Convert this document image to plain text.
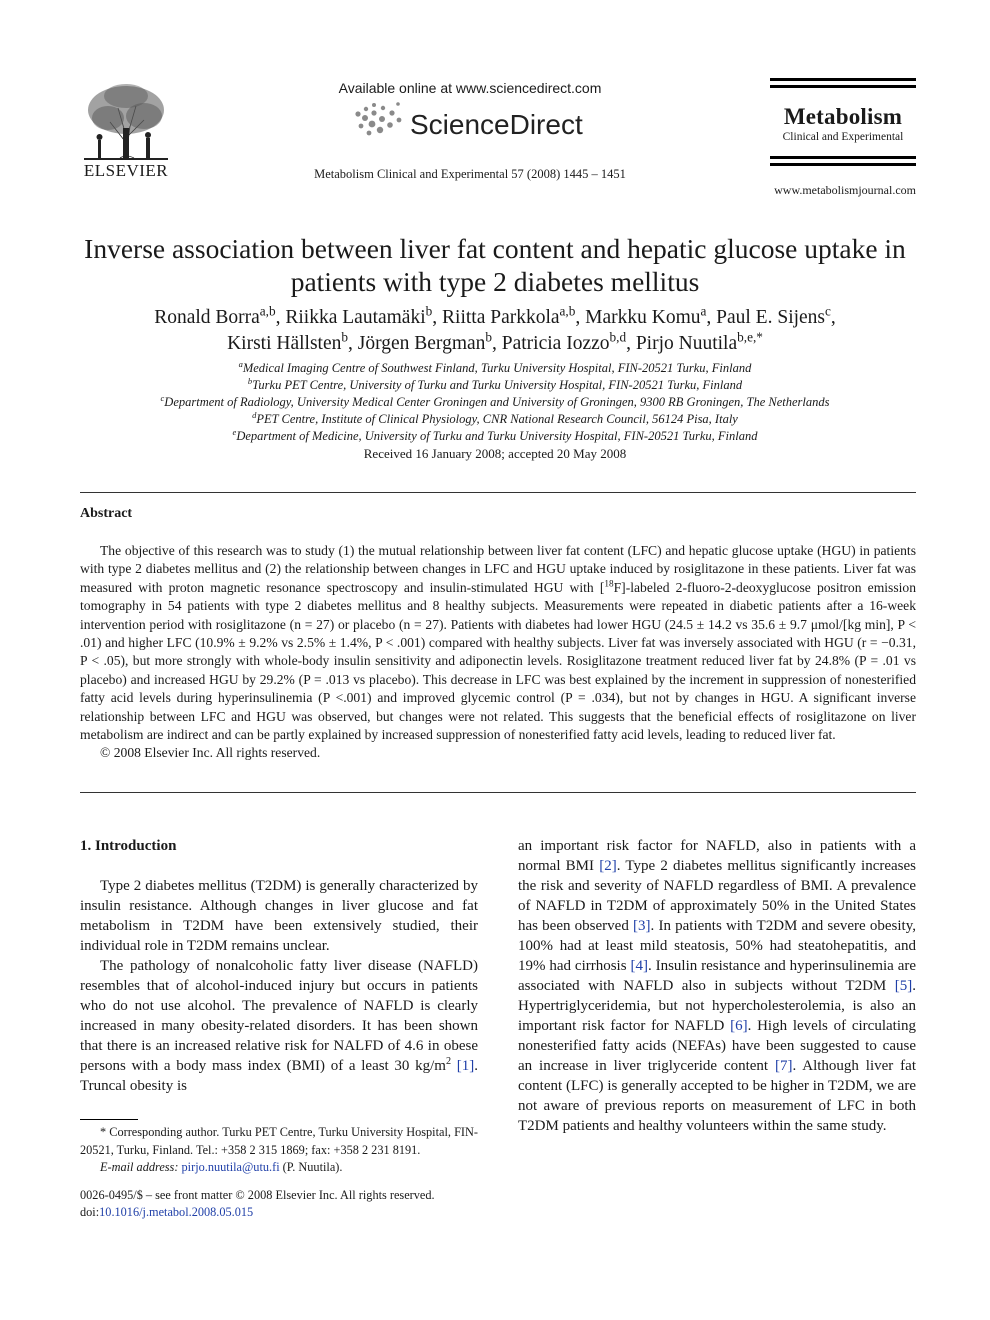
ELSEVIER
Available online at www.sciencedirect.com
ScienceDirect
Metabolism Clinical and Experimental 57 (2008) 1445 – 1451
Metabolism
Clinical and Experimental
www.metabolismjournal.com
Inverse association between liver fat content and hepatic glucose uptake in
patients with type 2 diabetes mellitus
Ronald Borra$^{a,b}$, Riikka Lautamäki$^b$, Riitta Parkkola$^{a,b}$, Markku Komu$^a$, Paul E. Sijens$^c$,
Kirsti Hällsten$^b$, Jörgen Bergman$^b$, Patricia Iozzo$^{b,d}$, Pirjo Nuutila$^{b,e,*}$
$^a$Medical Imaging Centre of Southwest Finland, Turku University Hospital, FIN-20521 Turku, Finland
$^b$Turku PET Centre, University of Turku and Turku University Hospital, FIN-20521 Turku, Finland
$^c$Department of Radiology, University Medical Center Groningen and University of Groningen, 9300 RB Groningen, The Netherlands
$^d$PET Centre, Institute of Clinical Physiology, CNR National Research Council, 56124 Pisa, Italy
$^e$Department of Medicine, University of Turku and Turku University Hospital, FIN-20521 Turku, Finland
Received 16 January 2008; accepted 20 May 2008
Abstract

The objective of this research was to study (1) the mutual relationship between liver fat content (LFC) and hepatic glucose uptake (HGU) in patients with type 2 diabetes mellitus and (2) the relationship between changes in LFC and HGU uptake induced by rosiglitazone in these patients. Liver fat was measured with proton magnetic resonance spectroscopy and insulin-stimulated HGU with [$^{18}$F]-labeled 2-fluoro-2-deoxyglucose positron emission tomography in 54 patients with type 2 diabetes mellitus and 8 healthy subjects. Measurements were repeated in diabetic patients after a 16-week intervention period with rosiglitazone (n = 27) or placebo (n = 27). Patients with diabetes had lower HGU (24.5 ± 14.2 vs 35.6 ± 9.7 μmol/[kg min], P < .01) and higher LFC (10.9% ± 9.2% vs 2.5% ± 1.4%, P < .001) compared with healthy subjects. Liver fat was inversely associated with HGU (r = −0.31, P < .05), but more strongly with whole-body insulin sensitivity and adiponectin levels. Rosiglitazone treatment reduced liver fat by 24.8% (P = .01 vs placebo) and increased HGU by 29.2% (P = .013 vs placebo). This decrease in LFC was best explained by the increment in suppression of nonesterified fatty acid levels during hyperinsulinemia (P <.001) and improved glycemic control (P = .034), but not by changes in HGU. A significant inverse relationship between LFC and HGU was observed, but changes were not related. This suggests that the beneficial effects of rosiglitazone on liver metabolism are indirect and can be partly explained by increased suppression of nonesterified fatty acid levels, leading to reduced liver fat.

© 2008 Elsevier Inc. All rights reserved.

1. Introduction

Type 2 diabetes mellitus (T2DM) is generally characterized by insulin resistance. Although changes in liver glucose and fat metabolism in T2DM have been extensively studied, their individual role in T2DM remains unclear.

The pathology of nonalcoholic fatty liver disease (NAFLD) resembles that of alcohol-induced injury but occurs in patients who do not use alcohol. The prevalence of NAFLD is clearly increased in many obesity-related disorders. It has been shown that there is an increased relative risk for NALFD of 4.6 in obese persons with a body mass index (BMI) of a least 30 $kg/m^2$ [1]. Truncal obesity is

* Corresponding author. Turku PET Centre, Turku University Hospital, FIN-20521, Turku, Finland. Tel.: +358 2 315 1869; fax: +358 2 231 8191.

E-mail address: pirjo.nuutila@utu.fi (P. Nuutila).

0026-0495/$ – see front matter © 2008 Elsevier Inc. All rights reserved.
doi:10.1016/j.metabol.2008.05.015

an important risk factor for NAFLD, also in patients with a normal BMI [2]. Type 2 diabetes mellitus significantly increases the risk and severity of NAFLD regardless of BMI. A prevalence of NAFLD in T2DM of approximately 50% in the United States has been observed [3]. In patients with T2DM and severe obesity, 100% had at least mild steatosis, 50% had steatohepatitis, and 19% had cirrhosis [4]. Insulin resistance and hyperinsulinemia are associated with NAFLD also in subjects without T2DM [5]. Hypertriglyceridemia, but not hypercholesterolemia, is also an important risk factor for NAFLD [6]. High levels of circulating nonesterified fatty acids (NEFAs) have been suggested to cause an increase in liver triglyceride content [7]. Although liver fat content (LFC) is generally accepted to be higher in T2DM, we are not aware of previous reports on measurement of LFC in both T2DM patients and healthy volunteers within the same study.
